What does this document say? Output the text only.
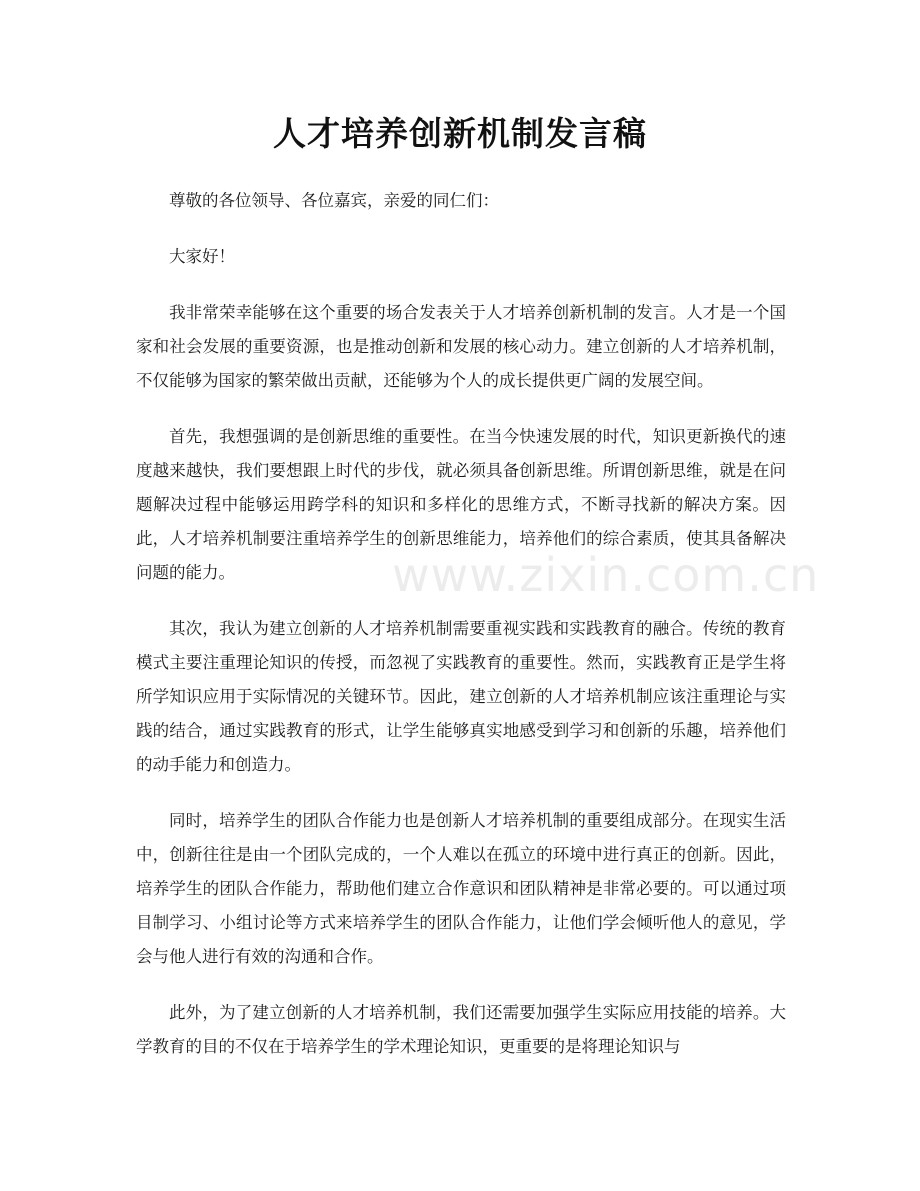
人才培养创新机制发言稿

尊敬的各位领导、各位嘉宾，亲爱的同仁们：

大家好！

我非常荣幸能够在这个重要的场合发表关于人才培养创新机制的发言。人才是一个国家和社会发展的重要资源，也是推动创新和发展的核心动力。建立创新的人才培养机制，不仅能够为国家的繁荣做出贡献，还能够为个人的成长提供更广阔的发展空间。

首先，我想强调的是创新思维的重要性。在当今快速发展的时代，知识更新换代的速度越来越快，我们要想跟上时代的步伐，就必须具备创新思维。所谓创新思维，就是在问题解决过程中能够运用跨学科的知识和多样化的思维方式，不断寻找新的解决方案。因此，人才培养机制要注重培养学生的创新思维能力，培养他们的综合素质，使其具备解决问题的能力。

其次，我认为建立创新的人才培养机制需要重视实践和实践教育的融合。传统的教育模式主要注重理论知识的传授，而忽视了实践教育的重要性。然而，实践教育正是学生将所学知识应用于实际情况的关键环节。因此，建立创新的人才培养机制应该注重理论与实践的结合，通过实践教育的形式，让学生能够真实地感受到学习和创新的乐趣，培养他们的动手能力和创造力。

同时，培养学生的团队合作能力也是创新人才培养机制的重要组成部分。在现实生活中，创新往往是由一个团队完成的，一个人难以在孤立的环境中进行真正的创新。因此，培养学生的团队合作能力，帮助他们建立合作意识和团队精神是非常必要的。可以通过项目制学习、小组讨论等方式来培养学生的团队合作能力，让他们学会倾听他人的意见，学会与他人进行有效的沟通和合作。

此外，为了建立创新的人才培养机制，我们还需要加强学生实际应用技能的培养。大学教育的目的不仅在于培养学生的学术理论知识，更重要的是将理论知识与

www.zixin.com.cn
